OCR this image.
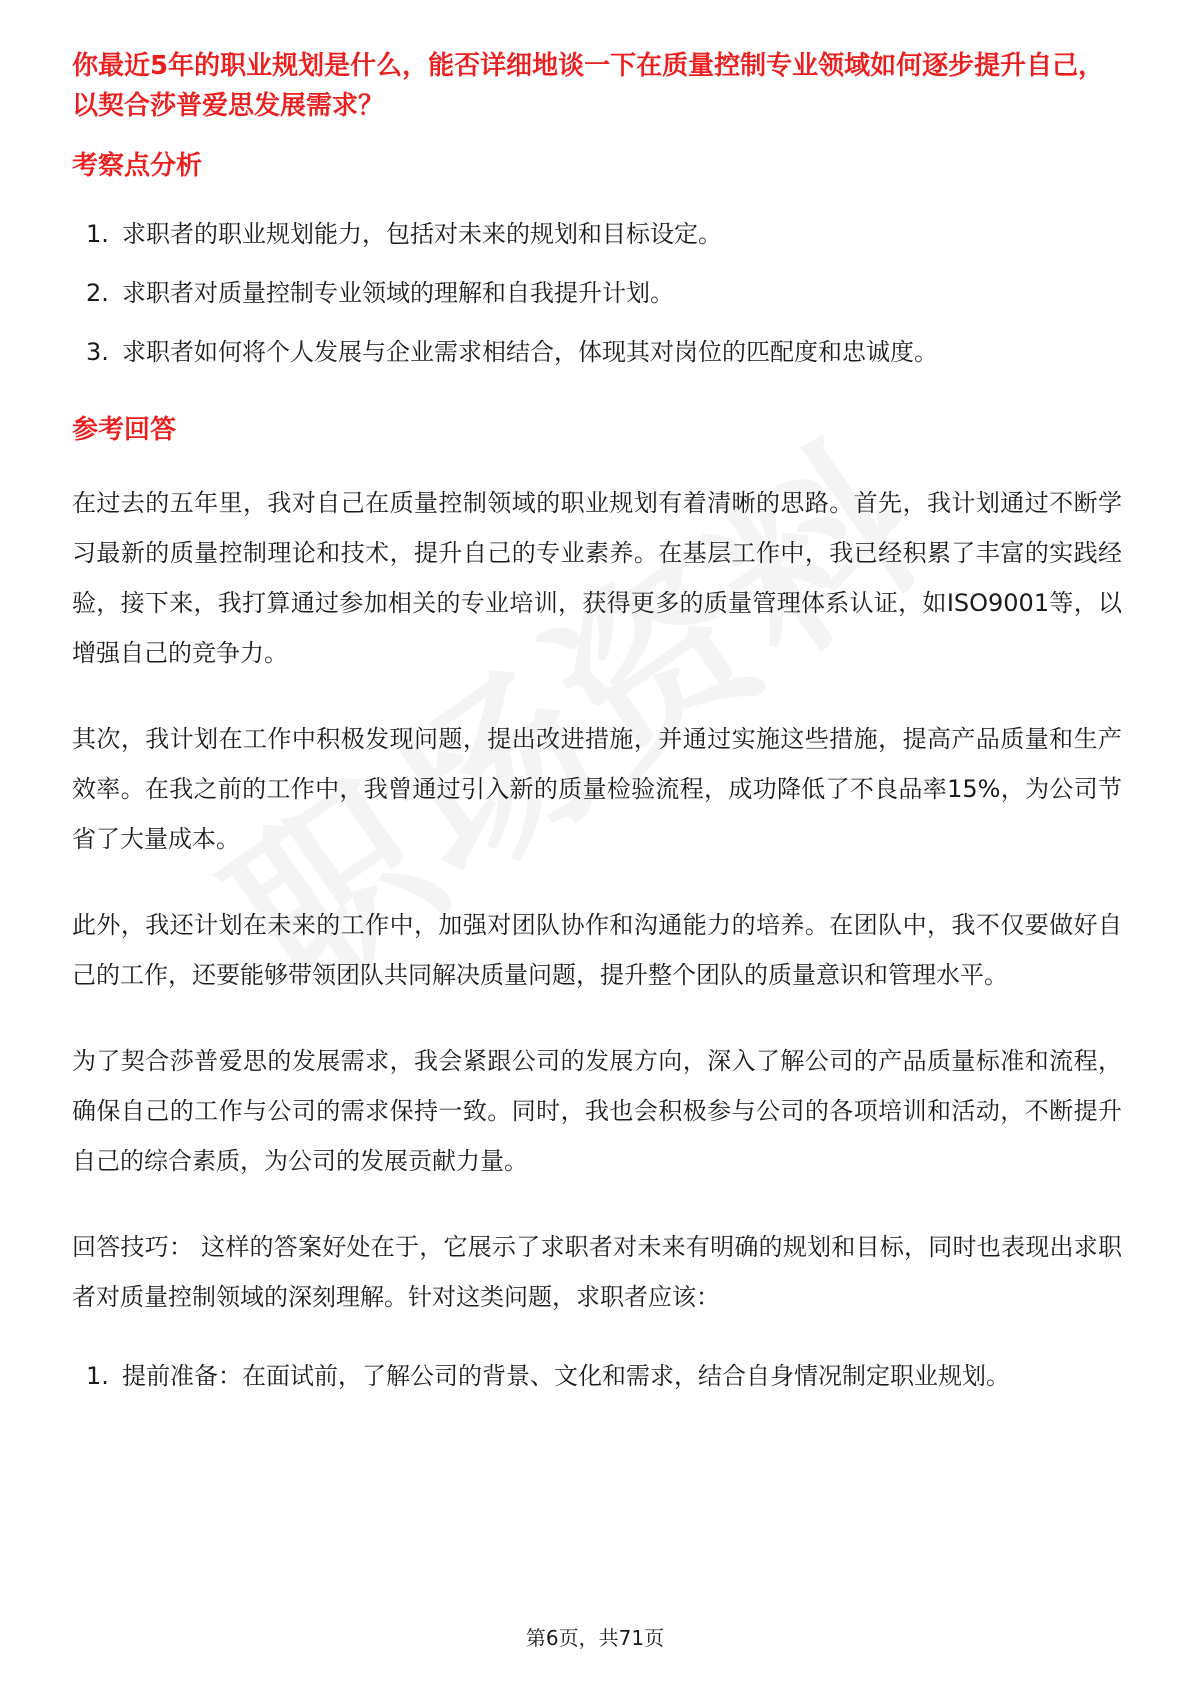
你最近5年的职业规划是什么，能否详细地谈一下在质量控制专业领域如何逐步提升自己，以契合莎普爱思发展需求？

考察点分析
1. 求职者的职业规划能力，包括对未来的规划和目标设定。
2. 求职者对质量控制专业领域的理解和自我提升计划。
3. 求职者如何将个人发展与企业需求相结合，体现其对岗位的匹配度和忠诚度。
参考回答

在过去的五年里，我对自己在质量控制领域的职业规划有着清晰的思路。首先，我计划通过不断学习最新的质量控制理论和技术，提升自己的专业素养。在基层工作中，我已经积累了丰富的实践经验，接下来，我打算通过参加相关的专业培训，获得更多的质量管理体系认证，如ISO9001等，以增强自己的竞争力。

其次，我计划在工作中积极发现问题，提出改进措施，并通过实施这些措施，提高产品质量和生产效率。在我之前的工作中，我曾通过引入新的质量检验流程，成功降低了不良品率15%，为公司节省了大量成本。

此外，我还计划在未来的工作中，加强对团队协作和沟通能力的培养。在团队中，我不仅要做好自己的工作，还要能够带领团队共同解决质量问题，提升整个团队的质量意识和管理水平。

为了契合莎普爱思的发展需求，我会紧跟公司的发展方向，深入了解公司的产品质量标准和流程，确保自己的工作与公司的需求保持一致。同时，我也会积极参与公司的各项培训和活动，不断提升自己的综合素质，为公司的发展贡献力量。

回答技巧： 这样的答案好处在于，它展示了求职者对未来有明确的规划和目标，同时也表现出求职者对质量控制领域的深刻理解。针对这类问题，求职者应该：

1. 提前准备：在面试前，了解公司的背景、文化和需求，结合自身情况制定职业规划。
第6页，共71页
